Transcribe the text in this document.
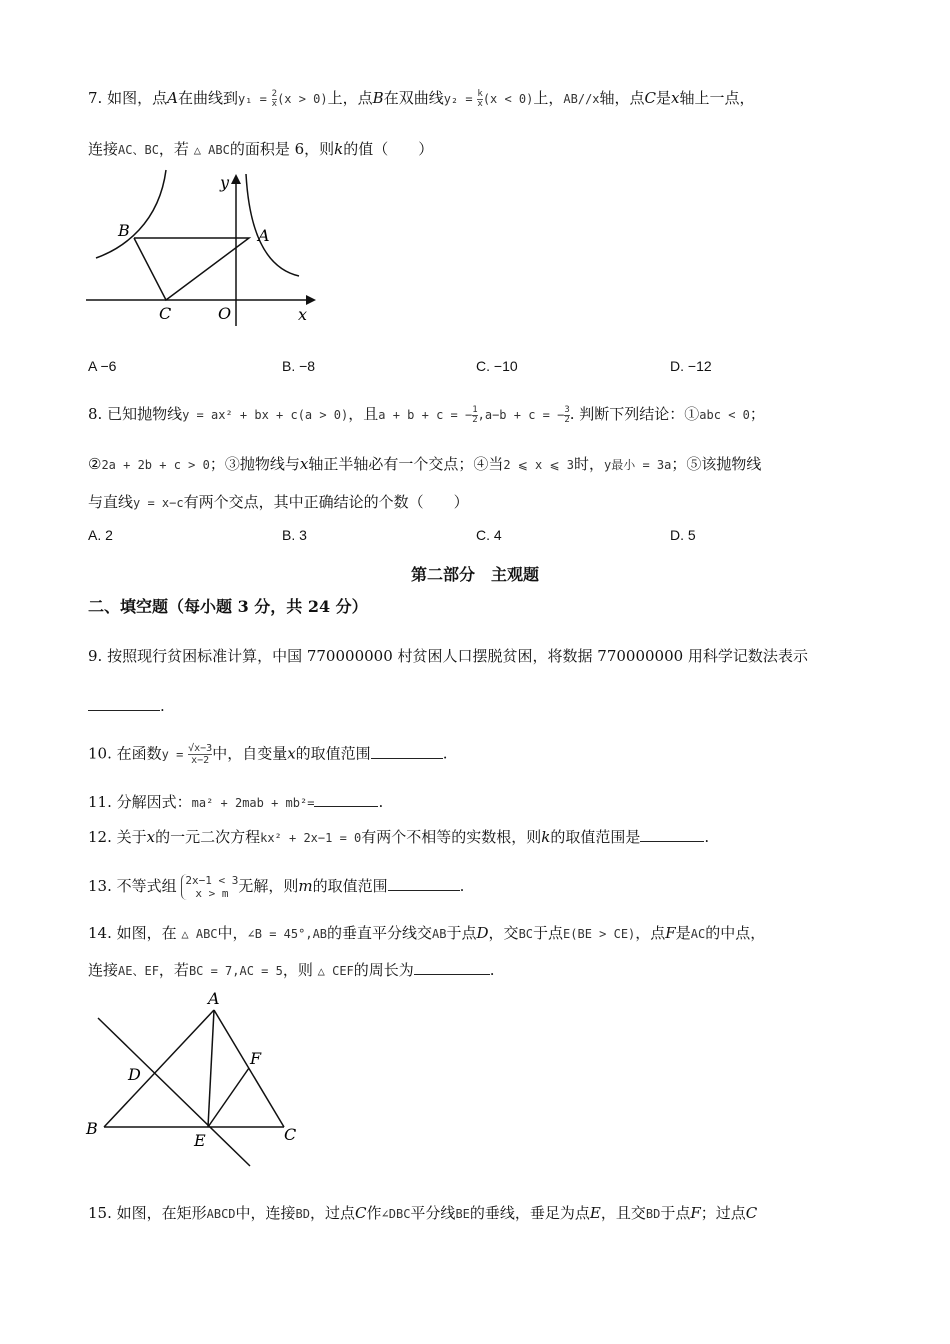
7. 如图，点A在曲线到$y_1 = \frac{2}{x} (x > 0)$上，点B在双曲线$y_2 = \frac{k}{x} (x < 0)$上，AB//x轴，点C是x轴上一点，
连接AC、BC，若 △ ABC的面积是 6，则k的值（　　）
y
B	A
C	O	x
A −6	B. −8	C. −10	D. −12
8. 已知抛物线y = ax² + bx + c(a > 0)，且a + b + c = − $\frac{1}{2} ,a-b + c$ = − $\frac{3}{2}$ . 判断下列结论：①abc < 0；
②2a + 2b + c > 0；③抛物线与x轴正半轴必有一个交点；④当2 ⩽ x ⩽ 3时，y最小 = 3a；⑤该抛物线
与直线y = x−c有两个交点，其中正确结论的个数（　　）
A. 2	B. 3	C. 4	D. 5
第二部分　主观题
二、填空题（每小题 3 分，共 24 分）
9. 按照现行贫困标准计算，中国 770000000 村贫困人口摆脱贫困，将数据 770000000 用科学记数法表示
.
10. 在函数$y = \frac{√x-3}{x-2}$ 中，自变量x的取值范围	.
11. 分解因式：ma² + 2mab + mb²=	.
12. 关于x的一元二次方程kx² + 2x−1 = 0有两个不相等的实数根，则k的取值范围是	.
13. 不等式组 2x−1 < 3
x > m 无解，则m的取值范围	.
14. 如图，在 △ ABC中，∠B = 45°,AB的垂直平分线交AB于点D，交BC于点E(BE > CE)，点F是AC的中点，
连接AE、EF，若BC = 7,AC = 5，则 △ CEF的周长为	.
A
D
F
B
E	C
15. 如图，在矩形ABCD中，连接BD，过点C作∠DBC平分线BE的垂线，垂足为点E，且交BD于点F；过点C
